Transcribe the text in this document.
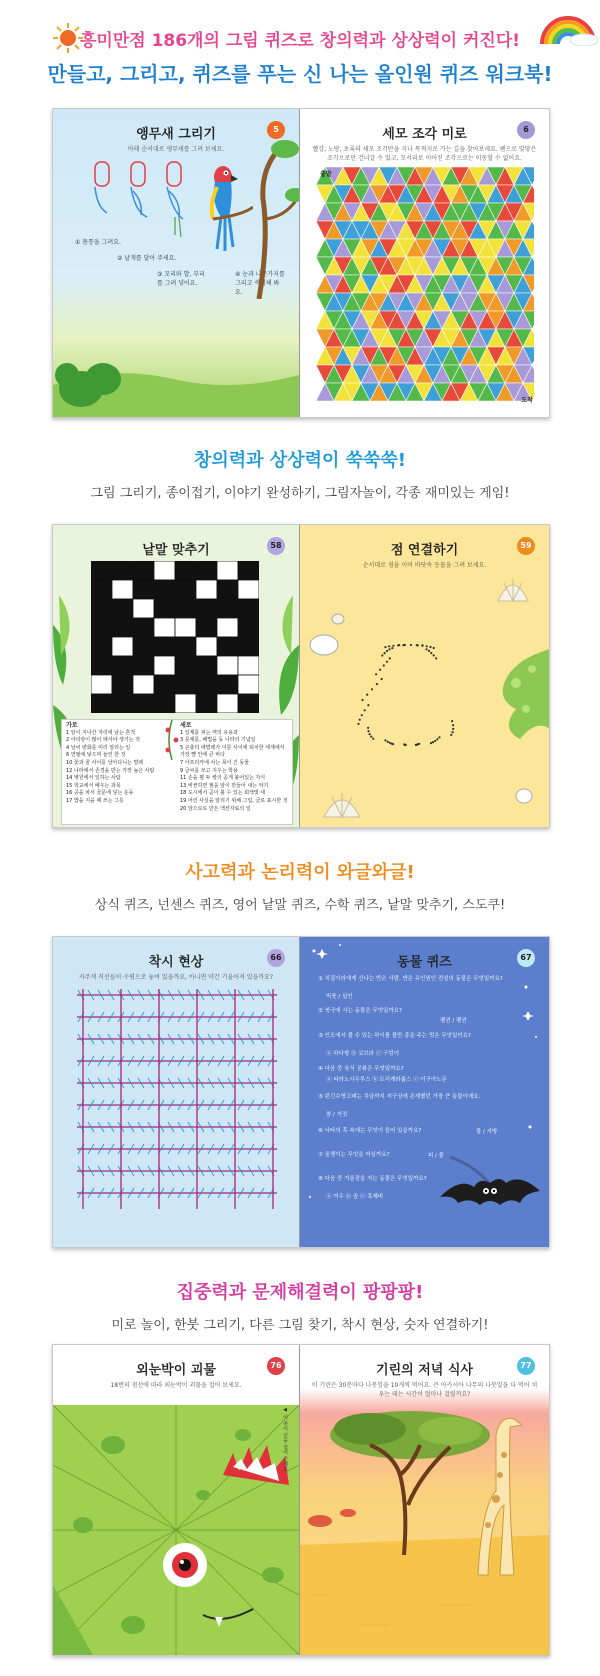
흥미만점 186개의 그림 퀴즈로 창의력과 상상력이 커진다!
만들고, 그리고, 퀴즈를 푸는 신 나는 올인원 퀴즈 워크북!
앵무새 그리기	5
아래 순서대로 앵무새를 그려 보세요.
① 몸통을 그려요.
② 날개를 달아 주세요.
③ 꼬리와 발, 부리를 그려 넣어요.
④ 눈과 나뭇가지를 그리고 색칠해 봐요.
세모 조각 미로	6
빨강, 노랑, 초록의 세모 조각만을 지나 목적지로 가는 길을 찾아보세요. 펜으로 맞닿은 조각으로만 건너갈 수 있고, 모서리로 이어진 조각으로는 이동할 수 없어요.
출발
도착
창의력과 상상력이 쑥쑥쑥!
그림 그리기, 종이접기, 이야기 완성하기, 그림자놀이, 각종 재미있는 게임!
낱말 맞추기	58
가로
1 알이 지나간 자리에 남는 흔적
2 아리랑이 많이 돼서야 생기는 것
4 날씨 변화를 미리 알리는 일
6 연필에 닿으며 눌린 한 것
10 꽃과 꿀 사이를 날아다니는 벌레
12 나라에서 존경을 받는 가장 높은 사람
14 병원에서 일하는 사람
15 학교에서 배우는 과목
16 공을 차서 골문에 넣는 운동
17 밥을 지을 때 쓰는 그릇
세로
1 일제를 피는 역의 유용과
3 문제를, 해법을 등 나라의 기념일
5 곤충의 애벌레가 이룬 사이에 퇴치한 세계에서 가장 빨 안에 큰 바다
7 아프리카에 사는 목이 긴 동물
9 글씨를 쓰고 지우는 학용
11 손을 펼 두 쌍의 곧게 붙어있는 자식
13 비썬하면 필을 앞이 만들어 내는 악기
18 도시에서 곧이 볼 수 있는 회색빛 새
19 어린 사실을 알리기 위해 그림, 글로 표시한 것
20 앞으로로 만든 액션자료의 일
점 연결하기	59
순서대로 점을 이어 바닷속 동물을 그려 보세요.
사고력과 논리력이 와글와글!
상식 퀴즈, 넌센스 퀴즈, 영어 낱말 퀴즈, 수학 퀴즈, 낱말 맞추기, 스도쿠!
착시 현상	66
자주색 직선들이 수평으로 놓여 있을까요, 아니면 약간 기울어져 있을까요?
동물 퀴즈	67
① 치질이라에게 신나는 반은 사람, 반은 유인원인 전설의 동물은 무엇일까요?
빅풋 / 설인
② 북극에 사는 동물은 무엇일까요?
펭귄 / 펭귄
③ 인도에서 볼 수 있는 하이를 볼만 종을 주는 멋은 무엇일까요?
ⓐ 하다형 ⓑ 코브라 ⓒ 구렁이
④ 다음 중 육식 공룡은 무엇일까요?
ⓐ 티라노사우루스 ⓑ 트리케라톱스 ⓒ 이구아노돈
⑤ 펀긴수명고래는 치금까지 지구상에 존재했던 가장 큰 동물이에요.
참 / 거짓
⑥ 낙타의 혹 속에는 무엇이 들어 있을까요?	물 / 지방
⑦ 올챙이는 무엇을 마실까요?	피 / 물
⑧ 다음 중 겨울잠을 자는 동물은 무엇일까요?
ⓐ 여우 ⓑ 곰 ⓒ 흑제비
집중력과 문제해결력이 팡팡팡!
미로 놀이, 한붓 그리기, 다른 그림 찾기, 착시 현상, 숫자 연결하기!
외눈박이 괴물	76
18번의 점선에 따라 외눈박이 괴물을 접어 보세요.
◀ 이 종이 선을 접어 주세요
기린의 저녁 식사	77
이 기린은 30분마다 나뭇잎을 10개씩 먹어요. 큰 아카시아 나무의 나뭇잎을 다 먹어 치우는 데는 시간이 얼마나 걸릴까요?
